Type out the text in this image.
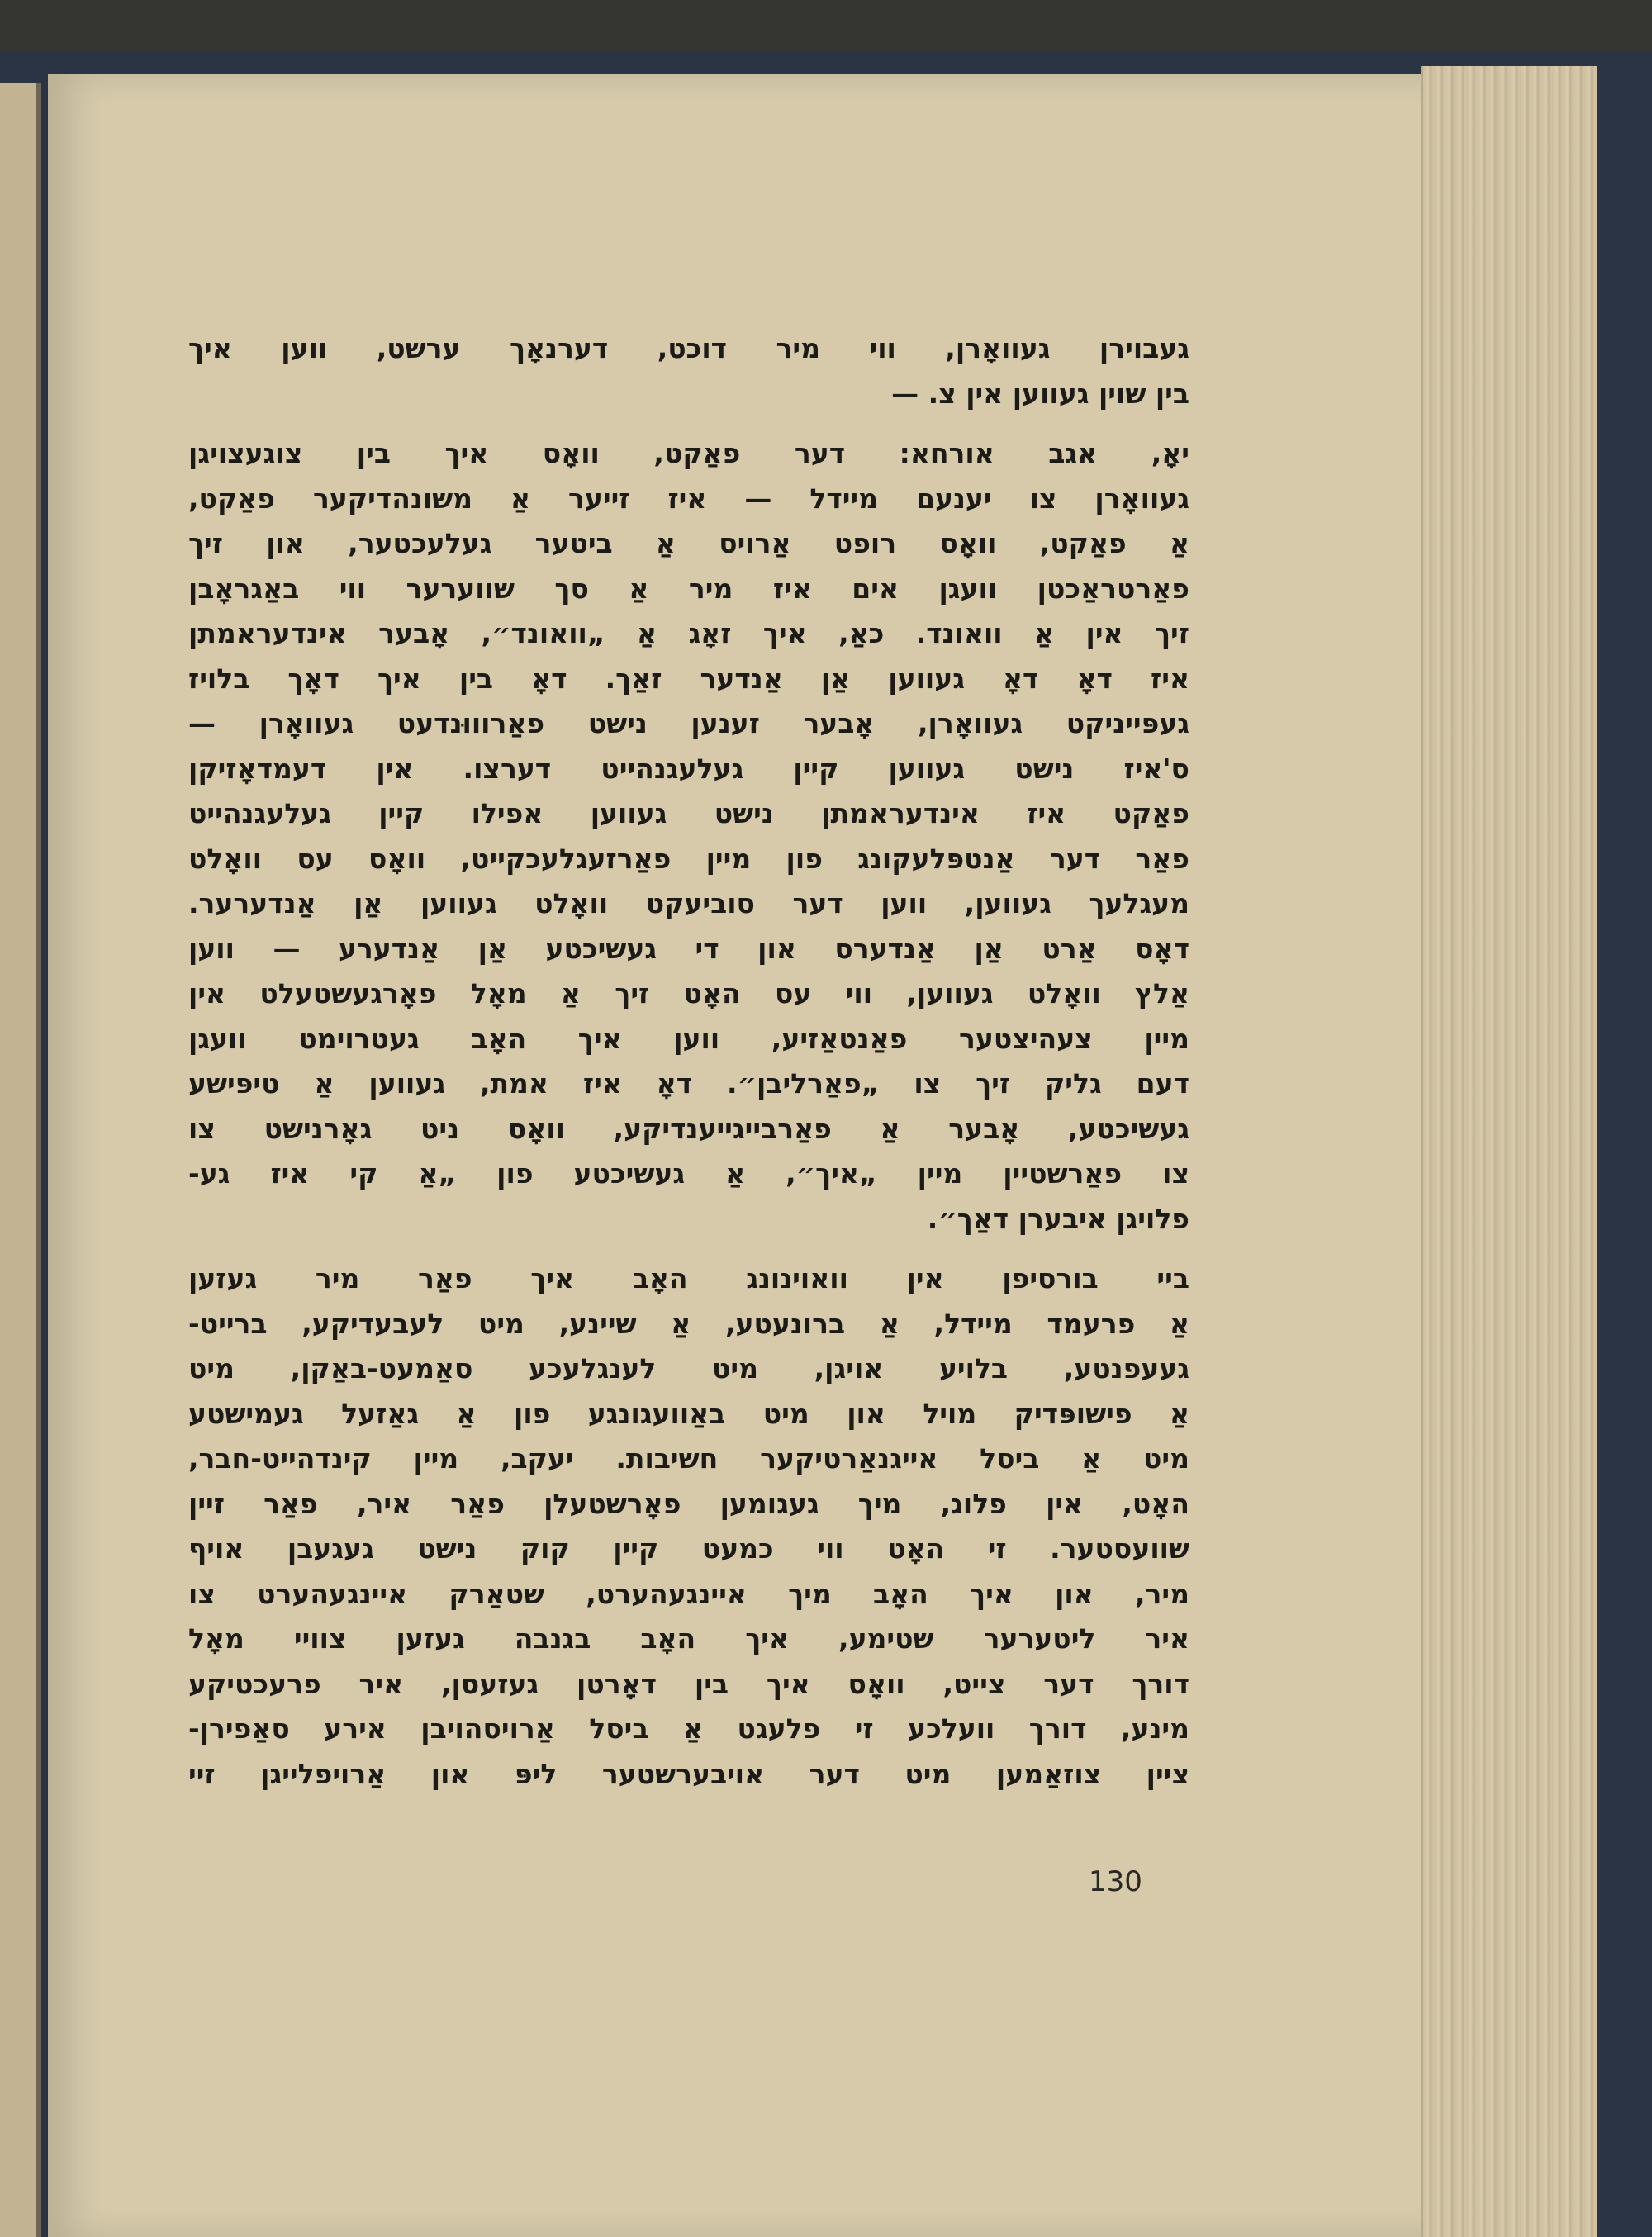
געבוירן געוואָרן, ווי מיר דוכט, דערנאָך ערשט, ווען איך
בין שוין געווען אין צ. —
יאָ, אגב אורחא: דער פאַקט, וואָס איך בין צוגעצויגן
געוואָרן צו יענעם מיידל — איז זייער אַ משונהדיקער פאַקט,
אַ פאַקט, וואָס רופט אַרויס אַ ביטער געלעכטער, און זיך
פאַרטראַכטן וועגן אים איז מיר אַ סך שווערער ווי באַגראָבן
זיך אין אַ וואונד. כאַ, איך זאָג אַ „וואונד״, אָבער אינדעראמתן
איז דאָ דאָ געווען אַן אַנדער זאַך. דאָ בין איך דאָך בלויז
געפּייניקט געוואָרן, אָבער זענען נישט פאַרוווּנדעט געוואָרן —
ס'איז נישט געווען קיין געלעגנהייט דערצו. אין דעמדאָזיקן
פאַקט איז אינדעראמתן נישט געווען אפילו קיין געלעגנהייט
פאַר דער אַנטפּלעקונג פון מיין פאַרזעגלעכקייט, וואָס עס וואָלט
מעגלעך געווען, ווען דער סוביעקט וואָלט געווען אַן אַנדערער.
דאָס אַרט אַן אַנדערס און די געשיכטע אַן אַנדערע — ווען
אַלץ וואָלט געווען, ווי עס האָט זיך אַ מאָל פאָרגעשטעלט אין
מיין צעהיצטער פאַנטאַזיע, ווען איך האָב געטרוימט וועגן
דעם גליק זיך צו „פאַרליבן״. דאָ איז אמת, געווען אַ טיפּישע
געשיכטע, אָבער אַ פאַרבייגייענדיקע, וואָס ניט גאָרנישט צו
צו פאַרשטיין מיין „איך״, אַ געשיכטע פון „אַ קי איז גע-
פלויגן איבערן דאַך״.
ביי בורסיפן אין וואוינונג האָב איך פאַר מיר געזען
אַ פרעמד מיידל, אַ ברונעטע, אַ שיינע, מיט לעבעדיקע, ברייט-
געעפנטע, בלויע אויגן, מיט לענגלעכע סאַמעט-באַקן, מיט
אַ פישופּדיק מויל און מיט באַוועגונגע פון אַ גאַזעל געמישטע
מיט אַ ביסל אייגנאַרטיקער חשיבות. יעקב, מיין קינדהייט-חבר,
האָט, אין פלוג, מיך געגומען פאָרשטעלן פאַר איר, פאַר זיין
שוועסטער. זי האָט ווי כמעט קיין קוק נישט געגעבן אויף
מיר, און איך האָב מיך איינגעהערט, שטאַרק איינגעהערט צו
איר ליטערער שטימע, איך האָב בגנבה געזען צוויי מאָל
דורך דער צייט, וואָס איך בין דאָרטן געזעסן, איר פרעכטיקע
מינע, דורך וועלכע זי פלעגט אַ ביסל אַרויסהויבן אירע סאַפירן-
ציין צוזאַמען מיט דער אויבערשטער ליפּ און אַרויפלייגן זיי
130
